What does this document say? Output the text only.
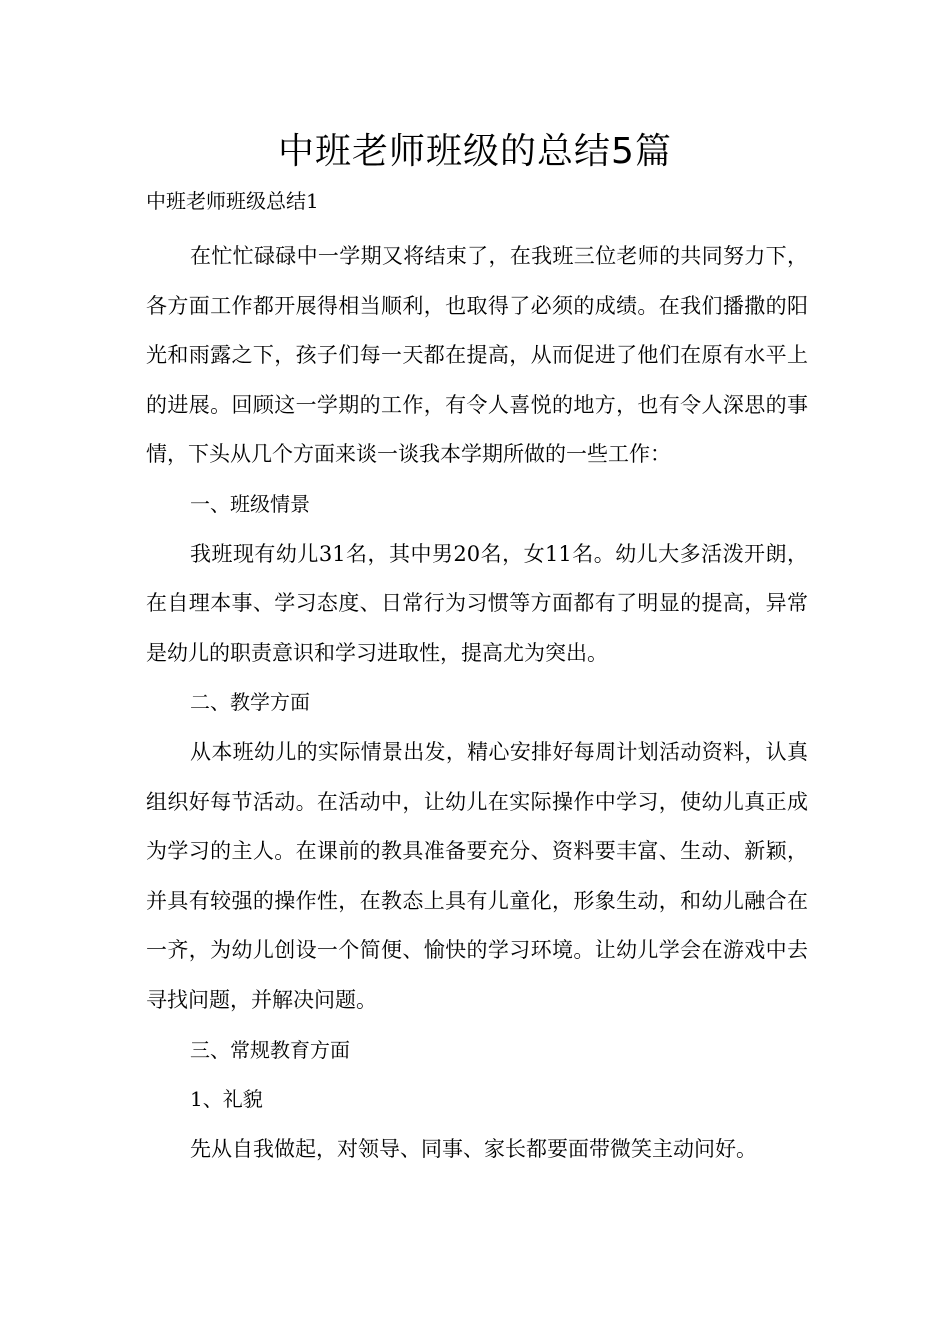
中班老师班级的总结5篇
中班老师班级总结1

在忙忙碌碌中一学期又将结束了，在我班三位老师的共同努力下，各方面工作都开展得相当顺利，也取得了必须的成绩。在我们播撒的阳光和雨露之下，孩子们每一天都在提高，从而促进了他们在原有水平上的进展。回顾这一学期的工作，有令人喜悦的地方，也有令人深思的事情，下头从几个方面来谈一谈我本学期所做的一些工作：

一、班级情景

我班现有幼儿31名，其中男20名，女11名。幼儿大多活泼开朗，在自理本事、学习态度、日常行为习惯等方面都有了明显的提高，异常是幼儿的职责意识和学习进取性，提高尤为突出。

二、教学方面

从本班幼儿的实际情景出发，精心安排好每周计划活动资料，认真组织好每节活动。在活动中，让幼儿在实际操作中学习，使幼儿真正成为学习的主人。在课前的教具准备要充分、资料要丰富、生动、新颖，并具有较强的操作性，在教态上具有儿童化，形象生动，和幼儿融合在一齐，为幼儿创设一个简便、愉快的学习环境。让幼儿学会在游戏中去寻找问题，并解决问题。

三、常规教育方面

1、礼貌

先从自我做起，对领导、同事、家长都要面带微笑主动问好。
